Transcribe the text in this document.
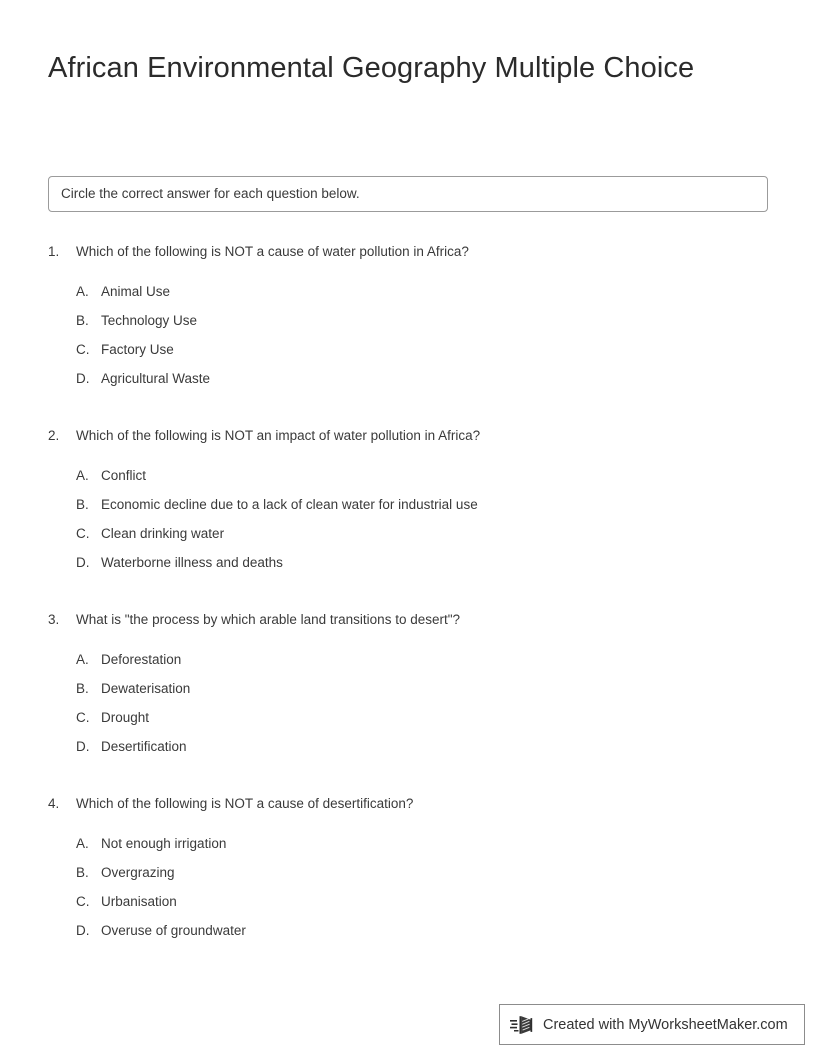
African Environmental Geography Multiple Choice
Circle the correct answer for each question below.
1. Which of the following is NOT a cause of water pollution in Africa?
A. Animal Use
B. Technology Use
C. Factory Use
D. Agricultural Waste
2. Which of the following is NOT an impact of water pollution in Africa?
A. Conflict
B. Economic decline due to a lack of clean water for industrial use
C. Clean drinking water
D. Waterborne illness and deaths
3. What is "the process by which arable land transitions to desert"?
A. Deforestation
B. Dewaterisation
C. Drought
D. Desertification
4. Which of the following is NOT a cause of desertification?
A. Not enough irrigation
B. Overgrazing
C. Urbanisation
D. Overuse of groundwater
Created with MyWorksheetMaker.com
